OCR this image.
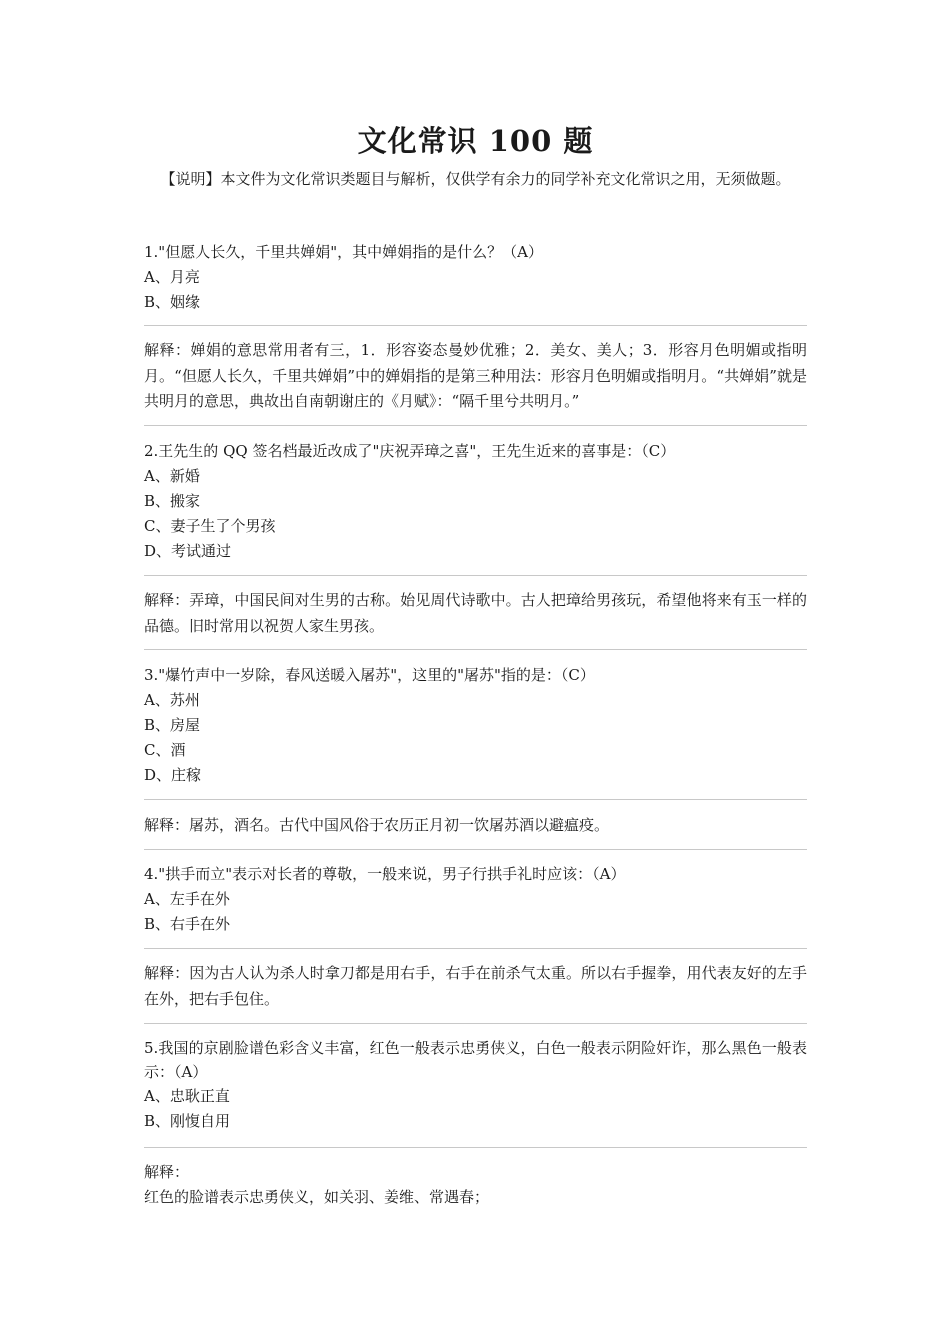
文化常识 100 题
【说明】本文件为文化常识类题目与解析，仅供学有余力的同学补充文化常识之用，无须做题。
1."但愿人长久，千里共婵娟"，其中婵娟指的是什么？（A）
A、月亮
B、姻缘
解释：婵娟的意思常用者有三，1．形容姿态曼妙优雅；2．美女、美人；3．形容月色明媚或指明月。“但愿人长久，千里共婵娟”中的婵娟指的是第三种用法：形容月色明媚或指明月。“共婵娟”就是共明月的意思，典故出自南朝谢庄的《月赋》：“隔千里兮共明月。”
2.王先生的 QQ 签名档最近改成了"庆祝弄璋之喜"，王先生近来的喜事是：（C）
A、新婚
B、搬家
C、妻子生了个男孩
D、考试通过
解释：弄璋，中国民间对生男的古称。始见周代诗歌中。古人把璋给男孩玩，希望他将来有玉一样的品德。旧时常用以祝贺人家生男孩。
3."爆竹声中一岁除，春风送暖入屠苏"，这里的"屠苏"指的是：（C）
A、苏州
B、房屋
C、酒
D、庄稼
解释：屠苏，酒名。古代中国风俗于农历正月初一饮屠苏酒以避瘟疫。
4."拱手而立"表示对长者的尊敬，一般来说，男子行拱手礼时应该：（A）
A、左手在外
B、右手在外
解释：因为古人认为杀人时拿刀都是用右手，右手在前杀气太重。所以右手握拳，用代表友好的左手在外，把右手包住。
5.我国的京剧脸谱色彩含义丰富，红色一般表示忠勇侠义，白色一般表示阴险奸诈，那么黑色一般表示：（A）
A、忠耿正直
B、刚愎自用
解释：
红色的脸谱表示忠勇侠义，如关羽、姜维、常遇春；
